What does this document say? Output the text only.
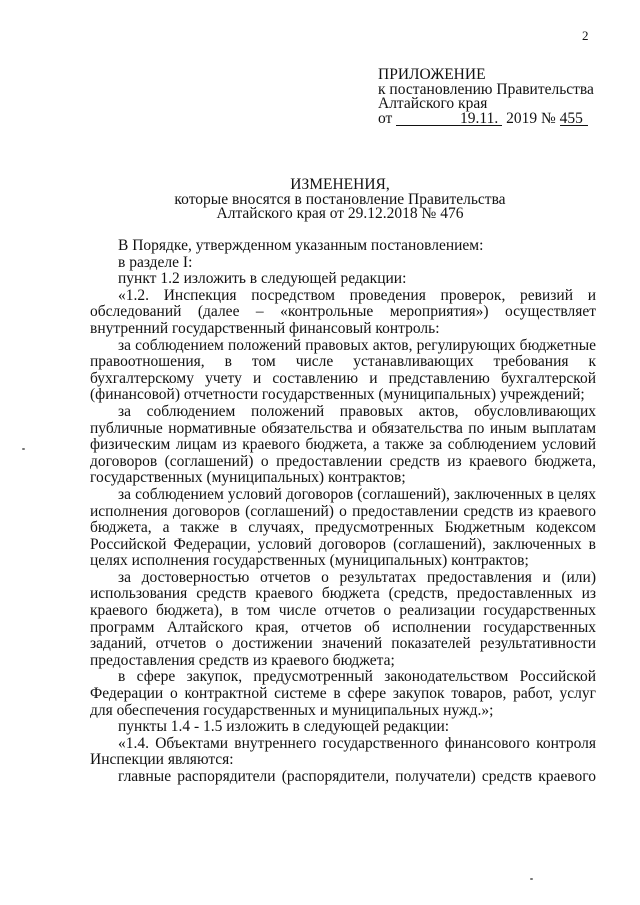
2
ПРИЛОЖЕНИЕ
к постановлению Правительства
Алтайского края
от	19.11. 2019 № 455
ИЗМЕНЕНИЯ,
которые вносятся в постановление Правительства
Алтайского края от 29.12.2018 № 476

В Порядке, утвержденном указанным постановлением:

в разделе I:

пункт 1.2 изложить в следующей редакции:

«1.2. Инспекция посредством проведения проверок, ревизий и обследований (далее – «контрольные мероприятия») осуществляет внутренний государственный финансовый контроль:

за соблюдением положений правовых актов, регулирующих бюджетные правоотношения, в том числе устанавливающих требования к бухгалтерскому учету и составлению и представлению бухгалтерской (финансовой) отчетности государственных (муниципальных) учреждений;

за соблюдением положений правовых актов, обусловливающих публичные нормативные обязательства и обязательства по иным выплатам физическим лицам из краевого бюджета, а также за соблюдением условий договоров (соглашений) о предоставлении средств из краевого бюджета, государственных (муниципальных) контрактов;

за соблюдением условий договоров (соглашений), заключенных в целях исполнения договоров (соглашений) о предоставлении средств из краевого бюджета, а также в случаях, предусмотренных Бюджетным кодексом Российской Федерации, условий договоров (соглашений), заключенных в целях исполнения государственных (муниципальных) контрактов;

за достоверностью отчетов о результатах предоставления и (или) использования средств краевого бюджета (средств, предоставленных из краевого бюджета), в том числе отчетов о реализации государственных программ Алтайского края, отчетов об исполнении государственных заданий, отчетов о достижении значений показателей результативности предоставления средств из краевого бюджета;

в сфере закупок, предусмотренный законодательством Российской Федерации о контрактной системе в сфере закупок товаров, работ, услуг для обеспечения государственных и муниципальных нужд.»;

пункты 1.4 - 1.5 изложить в следующей редакции:

«1.4. Объектами внутреннего государственного финансового контроля Инспекции являются:

главные распорядители (распорядители, получатели) средств краевого
